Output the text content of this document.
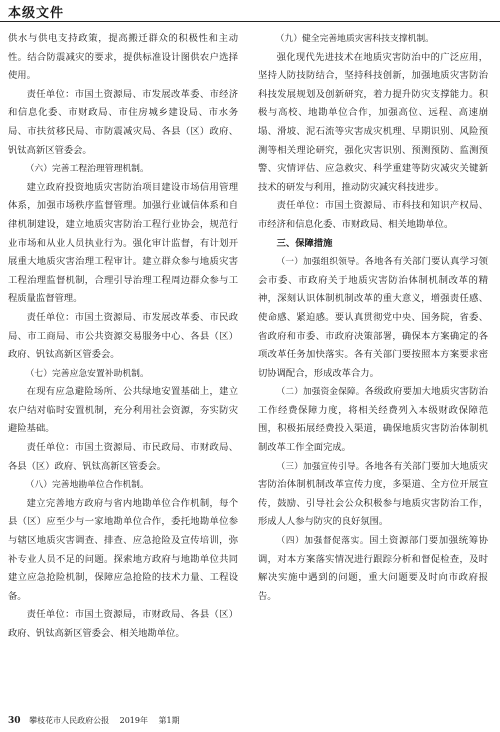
本级文件

供水与供电支持政策，提高搬迁群众的积极性和主动性。结合防震减灾的要求，提供标准设计图供农户选择使用。

责任单位：市国土资源局、市发展改革委、市经济和信息化委、市财政局、市住房城乡建设局、市水务局、市扶贫移民局、市防震减灾局、各县（区）政府、钒钛高新区管委会。

（六）完善工程治理管理机制。

建立政府投资地质灾害防治项目建设市场信用管理体系，加强市场秩序监督管理。加强行业诚信体系和自律机制建设，建立地质灾害防治工程行业协会，规范行业市场和从业人员执业行为。强化审计监督，有计划开展重大地质灾害治理工程审计。建立群众参与地质灾害工程治理监督机制，合理引导治理工程周边群众参与工程质量监督管理。

责任单位：市国土资源局、市发展改革委、市民政局、市工商局、市公共资源交易服务中心、各县（区）政府、钒钛高新区管委会。

（七）完善应急安置补助机制。

在现有应急避险场所、公共绿地安置基础上，建立农户结对临时安置机制，充分利用社会资源，夯实防灾避险基础。

责任单位：市国土资源局、市民政局、市财政局、各县（区）政府、钒钛高新区管委会。

（八）完善地勘单位合作机制。

建立完善地方政府与省内地勘单位合作机制，每个县（区）应至少与一家地勘单位合作，委托地勘单位参与辖区地质灾害调查、排查、应急抢险及宣传培训，弥补专业人员不足的问题。探索地方政府与地勘单位共同建立应急抢险机制，保障应急抢险的技术力量、工程设备。

责任单位：市国土资源局，市财政局、各县（区）政府、钒钛高新区管委会、相关地勘单位。

（九）健全完善地质灾害科技支撑机制。

强化现代先进技术在地质灾害防治中的广泛应用，坚持人防技防结合，坚持科技创新，加强地质灾害防治科技发展规划及创新研究，着力提升防灾支撑能力。积极与高校、地勘单位合作，加强高位、远程、高速崩塌、滑坡、泥石流等灾害成灾机理、早期识别、风险预测等相关理论研究，强化灾害识别、预测预防、监测预警、灾情评估、应急救灾、科学重建等防灾减灾关键新技术的研发与利用，推动防灾减灾科技进步。

责任单位：市国土资源局、市科技和知识产权局、市经济和信息化委、市财政局、相关地勘单位。

三、保障措施

（一）加强组织领导。各地各有关部门要认真学习领会市委、市政府关于地质灾害防治体制机制改革的精神，深刻认识体制机制改革的重大意义，增强责任感、使命感、紧迫感。要认真贯彻党中央、国务院，省委、省政府和市委、市政府决策部署，确保本方案确定的各项改革任务加快落实。各有关部门要按照本方案要求密切协调配合，形成改革合力。

（二）加强资金保障。各级政府要加大地质灾害防治工作经费保障力度，将相关经费列入本级财政保障范围，积极拓展经费投入渠道，确保地质灾害防治体制机制改革工作全面完成。

（三）加强宣传引导。各地各有关部门要加大地质灾害防治体制机制改革宣传力度，多渠道、全方位开展宣传，鼓励、引导社会公众积极参与地质灾害防治工作，形成人人参与防灾的良好氛围。

（四）加强督促落实。国土资源部门要加强统筹协调，对本方案落实情况进行跟踪分析和督促检查，及时解决实施中遇到的问题，重大问题要及时向市政府报告。

30 攀枝花市人民政府公报 2019年 第1期
